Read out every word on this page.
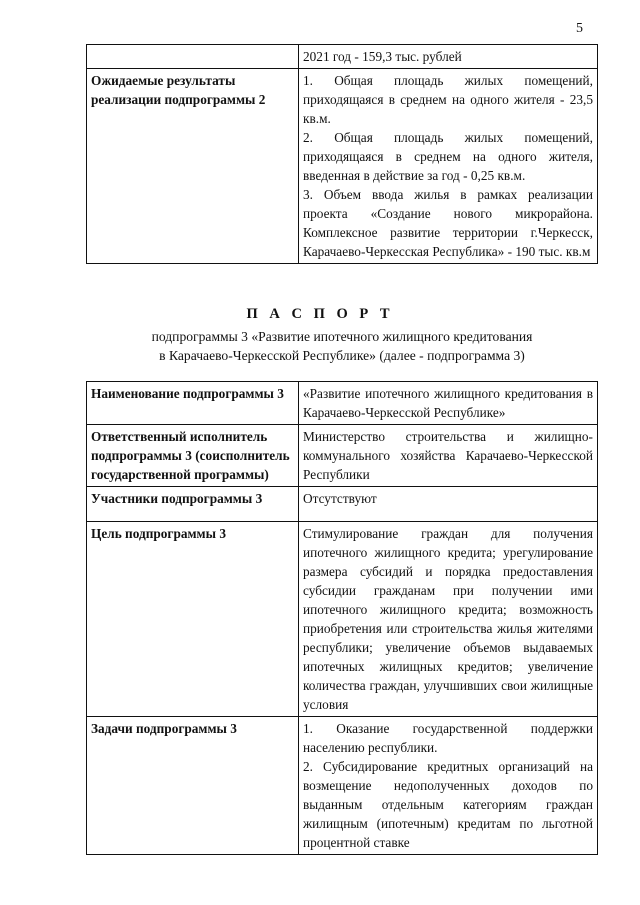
5
	2021 год - 159,3 тыс. рублей
Ожидаемые результаты реализации подпрограммы 2	1. Общая площадь жилых помещений, приходящаяся в среднем на одного жителя - 23,5 кв.м.
2. Общая площадь жилых помещений, приходящаяся в среднем на одного жителя, введенная в действие за год - 0,25 кв.м.
3. Объем ввода жилья в рамках реализации проекта «Создание нового микрорайона. Комплексное развитие территории г.Черкесск, Карачаево-Черкесская Республика» - 190 тыс. кв.м
П А С П О Р Т
подпрограммы 3 «Развитие ипотечного жилищного кредитования
в Карачаево-Черкесской Республике» (далее - подпрограмма 3)
Наименование подпрограммы 3	«Развитие ипотечного жилищного кредитования в Карачаево-Черкесской Республике»
Ответственный исполнитель подпрограммы 3 (соисполнитель государственной программы)	Министерство строительства и жилищно-коммунального хозяйства Карачаево-Черкесской Республики
Участники подпрограммы 3	Отсутствуют
Цель подпрограммы 3	Стимулирование граждан для получения ипотечного жилищного кредита; урегулирование размера субсидий и порядка предоставления субсидии гражданам при получении ими ипотечного жилищного кредита; возможность приобретения или строительства жилья жителями республики; увеличение объемов выдаваемых ипотечных жилищных кредитов; увеличение количества граждан, улучшивших свои жилищные условия
Задачи подпрограммы 3	1. Оказание государственной поддержки населению республики.
2. Субсидирование кредитных организаций на возмещение недополученных доходов по выданным отдельным категориям граждан жилищным (ипотечным) кредитам по льготной процентной ставке
